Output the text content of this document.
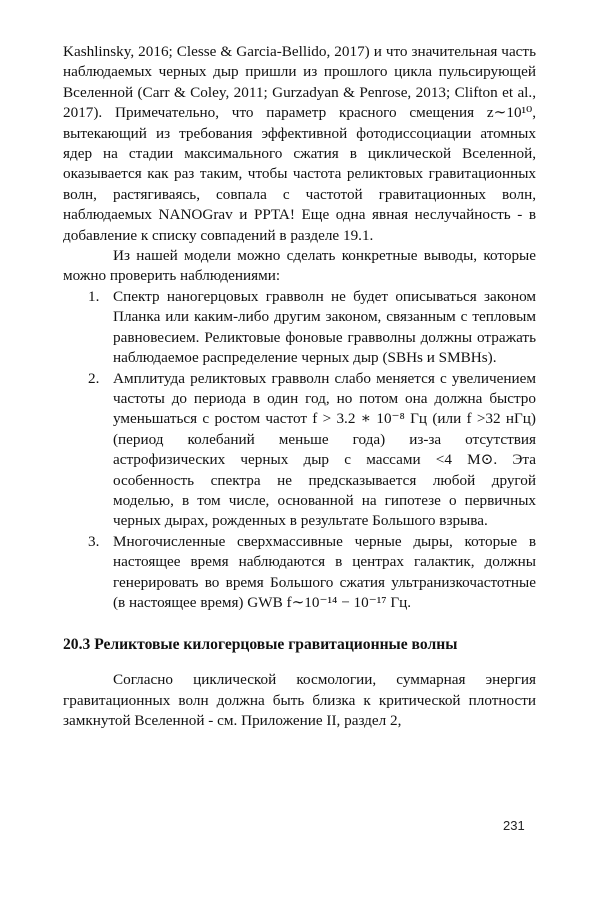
Kashlinsky, 2016; Clesse & Garcia-Bellido, 2017) и что значительная часть наблюдаемых черных дыр пришли из прошлого цикла пульсирующей Вселенной (Carr & Coley, 2011; Gurzadyan & Penrose, 2013; Clifton et al., 2017). Примечательно, что параметр красного смещения z∼10¹⁰, вытекающий из требования эффективной фотодиссоциации атомных ядер на стадии максимального сжатия в циклической Вселенной, оказывается как раз таким, чтобы частота реликтовых гравитационных волн, растягиваясь, совпала с частотой гравитационных волн, наблюдаемых NANOGrav и PPTA! Еще одна явная неслучайность - в добавление к списку совпадений в разделе 19.1.

Из нашей модели можно сделать конкретные выводы, которые можно проверить наблюдениями:

1. Спектр наногерцовых гравволн не будет описываться законом Планка или каким-либо другим законом, связанным с тепловым равновесием. Реликтовые фоновые гравволны должны отражать наблюдаемое распределение черных дыр (SBHs и SMBHs).
2. Амплитуда реликтовых гравволн слабо меняется с увеличением частоты до периода в один год, но потом она должна быстро уменьшаться с ростом частот f > 3.2 ∗ 10⁻⁸ Гц (или f >32 нГц) (период колебаний меньше года) из-за отсутствия астрофизических черных дыр с массами <4 M⊙. Эта особенность спектра не предсказывается любой другой моделью, в том числе, основанной на гипотезе о первичных черных дырах, рожденных в результате Большого взрыва.
3. Многочисленные сверхмассивные черные дыры, которые в настоящее время наблюдаются в центрах галактик, должны генерировать во время Большого сжатия ультранизкочастотные (в настоящее время) GWB f∼10⁻¹⁴ − 10⁻¹⁷ Гц.
20.3 Реликтовые килогерцовые гравитационные волны

Согласно циклической космологии, суммарная энергия гравитационных волн должна быть близка к критической плотности замкнутой Вселенной - см. Приложение II, раздел 2,

231
